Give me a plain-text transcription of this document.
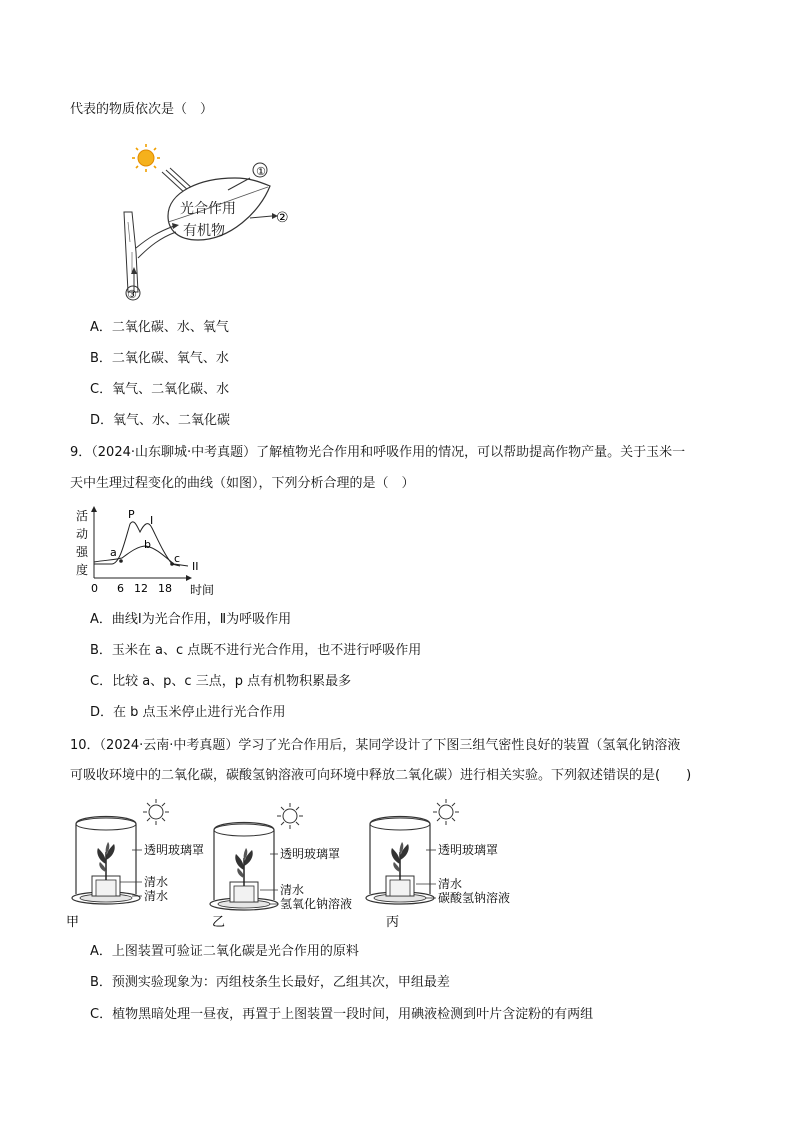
代表的物质依次是（　）
光合作用
有机物
①
②
③
A．二氧化碳、水、氧气
B．二氧化碳、氧气、水
C．氧气、二氧化碳、水
D．氧气、水、二氧化碳
9．（2024·山东聊城·中考真题）了解植物光合作用和呼吸作用的情况，可以帮助提高作物产量。关于玉米一
天中生理过程变化的曲线（如图），下列分析合理的是（　）
活
动
强
度
a
P
b
c
I
II
0 6 12 18 时间
A．曲线Ⅰ为光合作用，Ⅱ为呼吸作用
B．玉米在 a、c 点既不进行光合作用，也不进行呼吸作用
C．比较 a、p、c 三点，p 点有机物积累最多
D．在 b 点玉米停止进行光合作用
10．（2024·云南·中考真题）学习了光合作用后，某同学设计了下图三组气密性良好的装置（氢氧化钠溶液
可吸收环境中的二氧化碳，碳酸氢钠溶液可向环境中释放二氧化碳）进行相关实验。下列叙述错误的是(　　)
透明玻璃罩
清水
清水
甲
透明玻璃罩
清水
氢氧化钠溶液
乙
透明玻璃罩
清水
碳酸氢钠溶液
丙
A．上图装置可验证二氧化碳是光合作用的原料
B．预测实验现象为：丙组枝条生长最好，乙组其次，甲组最差
C．植物黑暗处理一昼夜，再置于上图装置一段时间，用碘液检测到叶片含淀粉的有两组
